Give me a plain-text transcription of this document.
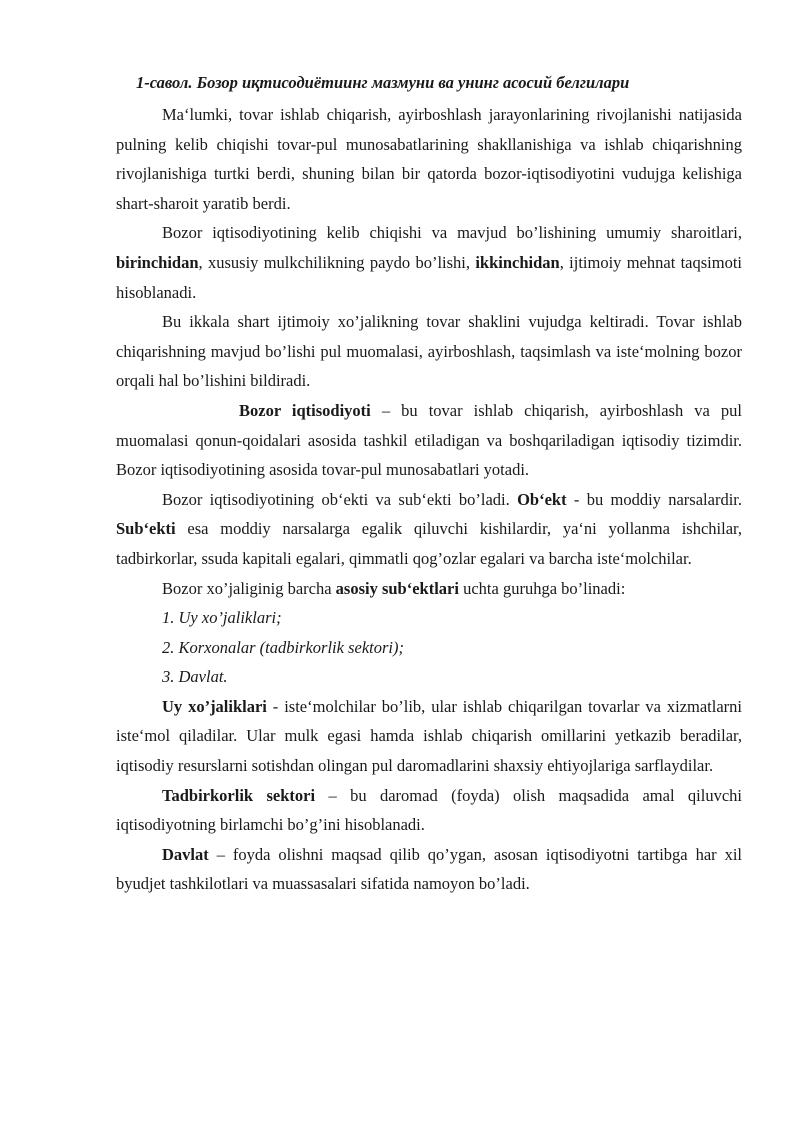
1-савол. Бозор иқтисодиётиинг мазмуни ва унинг асосий белгилари

Ma‘lumki, tovar ishlab chiqarish, ayirboshlash jarayonlarining rivojlanishi natijasida pulning kelib chiqishi tovar-pul munosabatlarining shakllanishiga va ishlab chiqarishning rivojlanishiga turtki berdi, shuning bilan bir qatorda bozor-iqtisodiyotini vudujga kelishiga shart-sharoit yaratib berdi.

Bozor iqtisodiyotining kelib chiqishi va mavjud bo’lishining umumiy sharoitlari, birinchidan, xususiy mulkchilikning paydo bo’lishi, ikkinchidan, ijtimoiy mehnat taqsimoti hisoblanadi.

Bu ikkala shart ijtimoiy xo’jalikning tovar shaklini vujudga keltiradi. Tovar ishlab chiqarishning mavjud bo’lishi pul muomalasi, ayirboshlash, taqsimlash va iste‘molning bozor orqali hal bo’lishini bildiradi.

Bozor iqtisodiyoti – bu tovar ishlab chiqarish, ayirboshlash va pul muomalasi qonun-qoidalari asosida tashkil etiladigan va boshqariladigan iqtisodiy tizimdir. Bozor iqtisodiyotining asosida tovar-pul munosabatlari yotadi.

Bozor iqtisodiyotining ob‘ekti va sub‘ekti bo’ladi. Ob‘ekt - bu moddiy narsalardir. Sub‘ekti esa moddiy narsalarga egalik qiluvchi kishilardir, ya‘ni yollanma ishchilar, tadbirkorlar, ssuda kapitali egalari, qimmatli qog’ozlar egalari va barcha iste‘molchilar.

Bozor xo’jaliginig barcha asosiy sub‘ektlari uchta guruhga bo’linadi:

1. Uy xo’jaliklari;

2. Korxonalar (tadbirkorlik sektori);

3. Davlat.

Uy xo’jaliklari - iste‘molchilar bo’lib, ular ishlab chiqarilgan tovarlar va xizmatlarni iste‘mol qiladilar. Ular mulk egasi hamda ishlab chiqarish omillarini yetkazib beradilar, iqtisodiy resurslarni sotishdan olingan pul daromadlarini shaxsiy ehtiyojlariga sarflaydilar.

Tadbirkorlik sektori – bu daromad (foyda) olish maqsadida amal qiluvchi iqtisodiyotning birlamchi bo’g’ini hisoblanadi.

Davlat – foyda olishni maqsad qilib qo’ygan, asosan iqtisodiyotni tartibga har xil byudjet tashkilotlari va muassasalari sifatida namoyon bo’ladi.
